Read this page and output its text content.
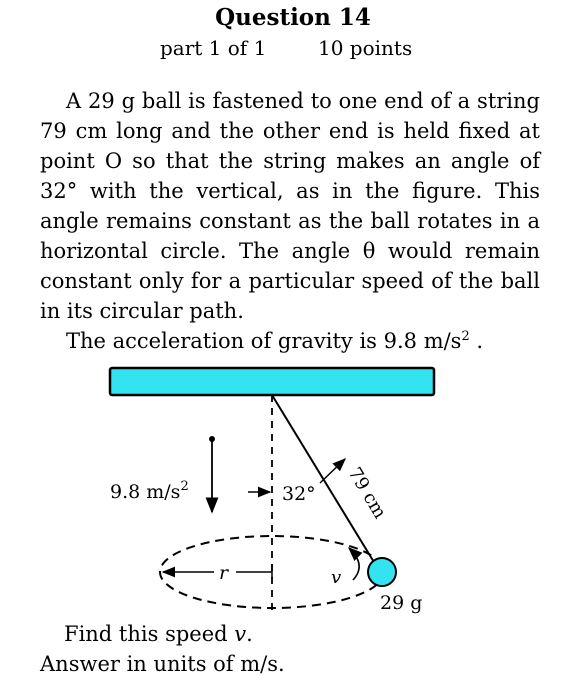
Question 14
part 1 of 1	10 points

A 29 g ball is fastened to one end of a string 79 cm long and the other end is held fixed at point O so that the string makes an angle of 32° with the vertical, as in the figure. This angle remains constant as the ball rotates in a horizontal circle. The angle θ would remain constant only for a particular speed of the ball in its circular path.

The acceleration of gravity is 9.8 $m/s^2$ .

r
9.8 $m/s^2$	32° 79 cm
v
29 g
Find this speed v.
Answer in units of m/s.
